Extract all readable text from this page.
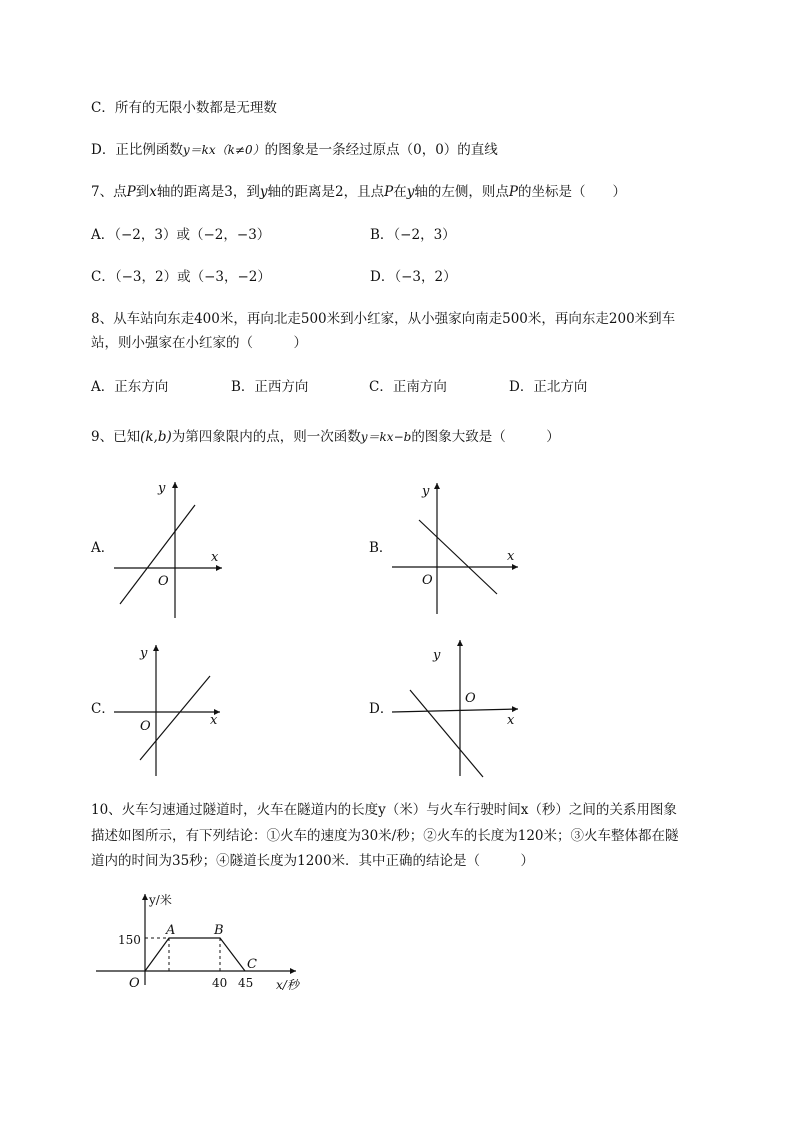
C．所有的无限小数都是无理数
D．正比例函数y＝kx（k≠0）的图象是一条经过原点（0，0）的直线
7、点P到x轴的距离是3，到y轴的距离是2，且点P在y轴的左侧，则点P的坐标是（　　）
A．（−2，3）或（−2，−3）	B．（−2，3）
C．（−3，2）或（−3，−2）	D．（−3，2）
8、从车站向东走400米，再向北走500米到小红家，从小强家向南走500米，再向东走200米到车
站，则小强家在小红家的（　　　）
A．正东方向	B．正西方向	C．正南方向	D．正北方向
9、已知(k,b)为第四象限内的点，则一次函数y＝kx−b的图象大致是（　　　）
A．	B．
C．	D．
x
y
O
x
y
O
x
y
O	x
y
O
y/米
x/秒
O
150
40 45
A	B
C
10、火车匀速通过隧道时，火车在隧道内的长度y（米）与火车行驶时间x（秒）之间的关系用图象
描述如图所示，有下列结论：①火车的速度为30米/秒；②火车的长度为120米；③火车整体都在隧
道内的时间为35秒；④隧道长度为1200米．其中正确的结论是（　　　）
